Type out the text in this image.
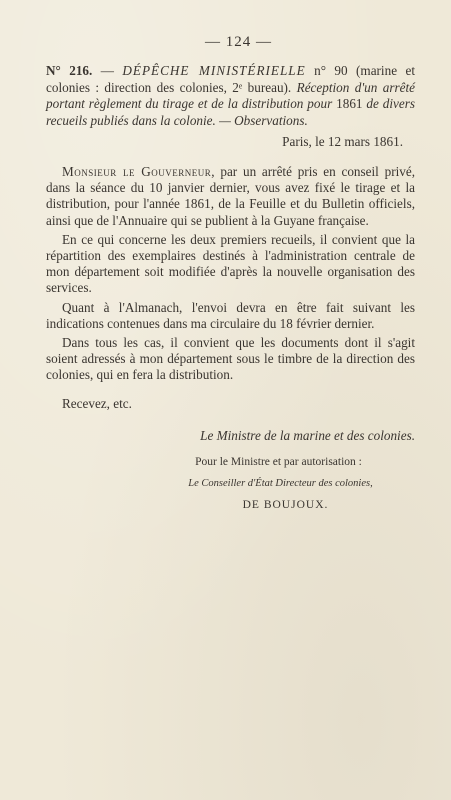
— 124 —

N° 216. — DÉPÊCHE MINISTÉRIELLE n° 90 (marine et colonies : direction des colonies, 2ᵉ bureau). Réception d'un arrêté portant règlement du tirage et de la distribution pour 1861 de divers recueils publiés dans la colonie. — Observations.

Paris, le 12 mars 1861.

Monsieur le Gouverneur, par un arrêté pris en conseil privé, dans la séance du 10 janvier dernier, vous avez fixé le tirage et la distribution, pour l'année 1861, de la Feuille et du Bulletin officiels, ainsi que de l'Annuaire qui se publient à la Guyane française.

En ce qui concerne les deux premiers recueils, il convient que la répartition des exemplaires destinés à l'administration centrale de mon département soit modifiée d'après la nouvelle organisation des services.

Quant à l'Almanach, l'envoi devra en être fait suivant les indications contenues dans ma circulaire du 18 février dernier.

Dans tous les cas, il convient que les documents dont il s'agit soient adressés à mon département sous le timbre de la direction des colonies, qui en fera la distribution.

Recevez, etc.
Le Ministre de la marine et des colonies.
Pour le Ministre et par autorisation :
Le Conseiller d'État Directeur des colonies,
DE BOUJOUX.
